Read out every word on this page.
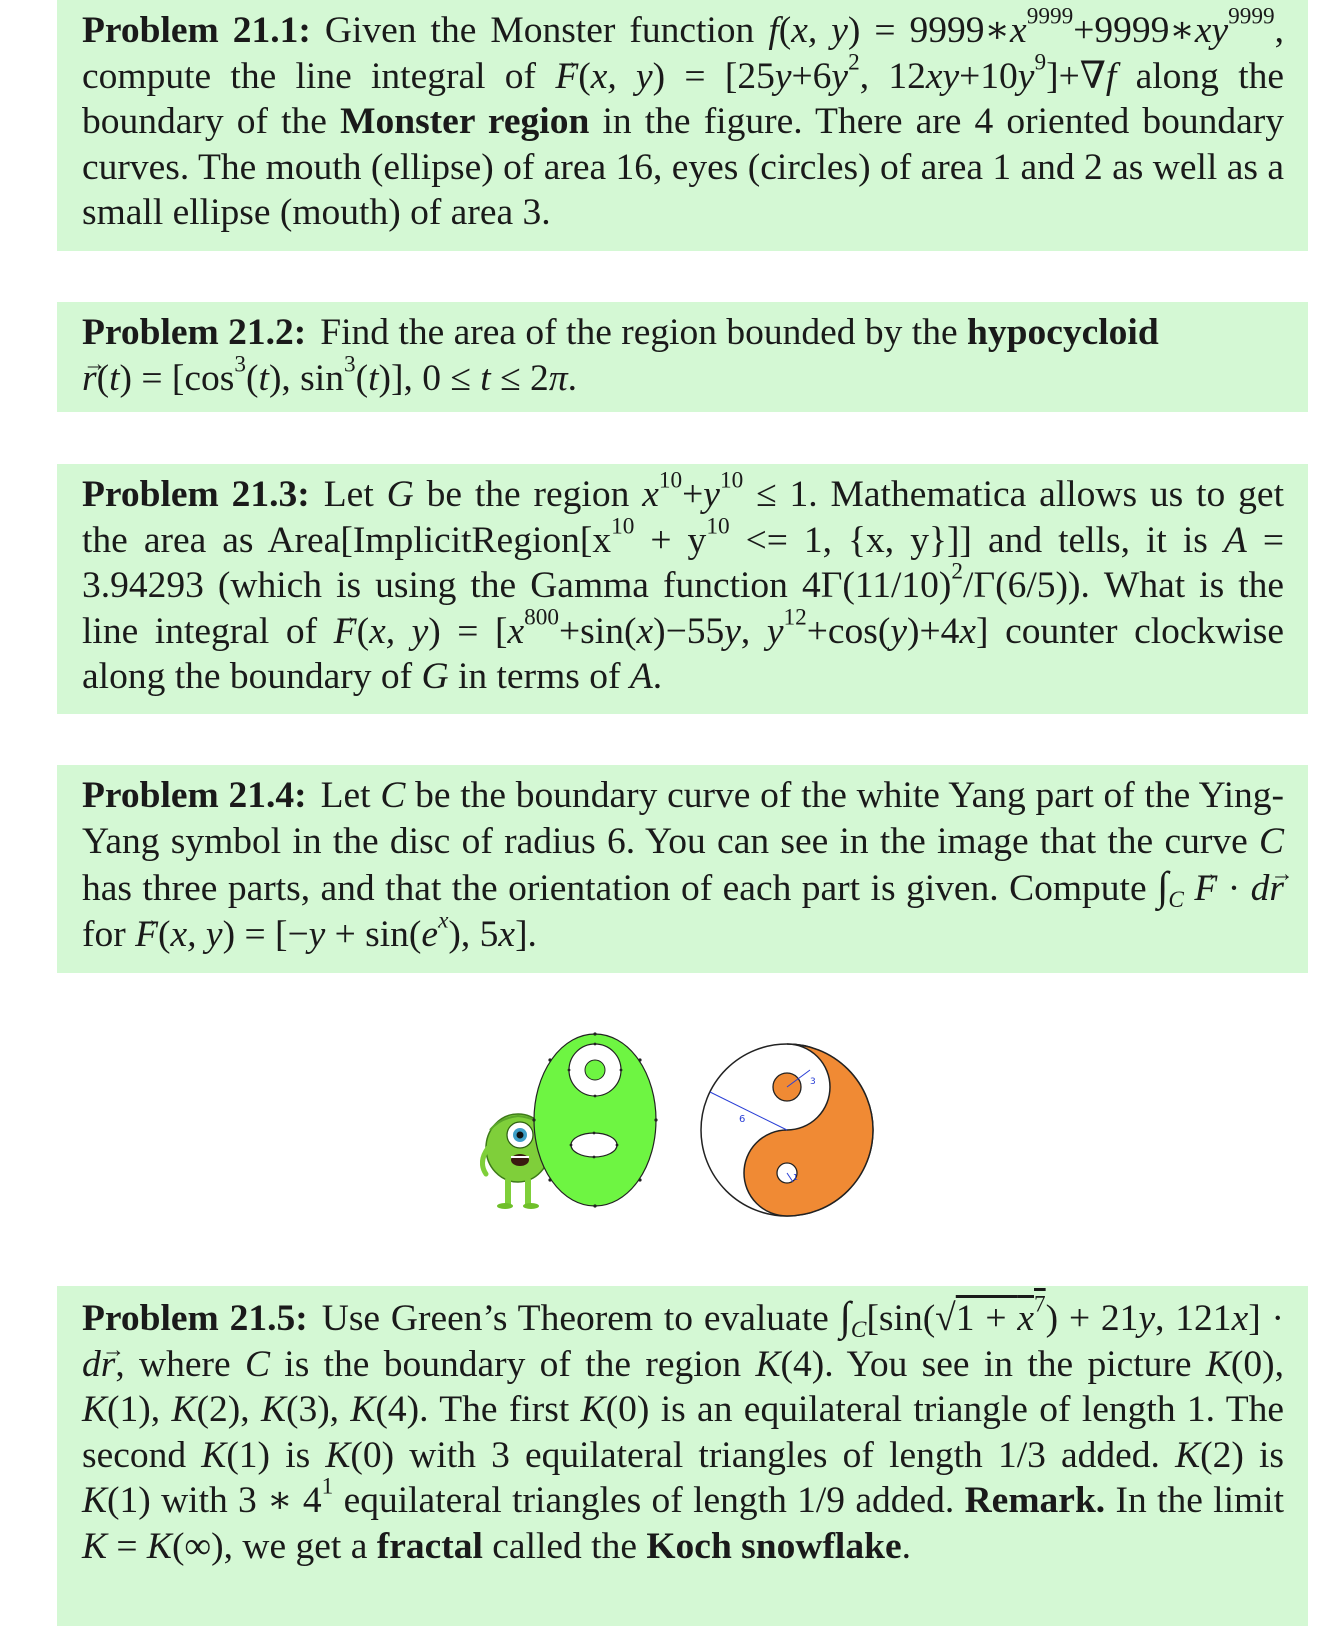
Problem 21.1: Given the Monster function f(x, $y) = 9999∗x^{9999}+9999∗xy^{9999}$, compute the line integral of → F(x, $y) = [25y+6y^2$, $12xy+10y^9]+\nabla f$ along the boundary of the Monster region in the figure. There are 4 oriented boundary curves. The mouth (ellipse) of area 16, eyes (circles) of area 1 and 2 as well as a small ellipse (mouth) of area 3.
Problem 21.2: Find the area of the region bounded by the hypocycloid
→ $r(t) = [\cos^3(t)$, $\sin^3(t)$], 0 ≤ t ≤ 2π.
Problem 21.3: Let G be the region $x^{10}+y^{10} \le 1$. Mathematica allows us to get the area as $Area[ImplicitRegion[x^{10} + y^{10} <= 1$, {x, y}]] and tells, it is A = 3.94293 (which is using the Gamma function $4\Gamma(11/10)^2/\Gamma(6/5)$). What is the line integral of → F(x, $y) = [x^{800}+\sin(x)-55y$, $y^{12}+\cos(y)+4x$] counter clockwise along the boundary of G in terms of A.
Problem 21.4: Let C be the boundary curve of the white Yang part of the Ying-Yang symbol in the disc of radius 6. You can see in the image that the curve C has three parts, and that the orientation of each part is given. Compute $\int_C \to F \cdot d\to r$ for → F(x, $y) = [-y + \sin(e^x)$, 5x].
6
3
1
Problem 21.5: Use Green’s Theorem to evaluate $\int_C[\sin(√1 + x^7) + 21y$, 121x] · d→ r, where C is the boundary of the region K(4). You see in the picture K(0), K(1), K(2), K(3), K(4). The first K(0) is an equilateral triangle of length 1. The second K(1) is K(0) with 3 equilateral triangles of length 1/3 added. K(2) is K(1) with 3 ∗ $4^1$ equilateral triangles of length 1/9 added. Remark. In the limit K = K(∞), we get a fractal called the Koch snowflake.
